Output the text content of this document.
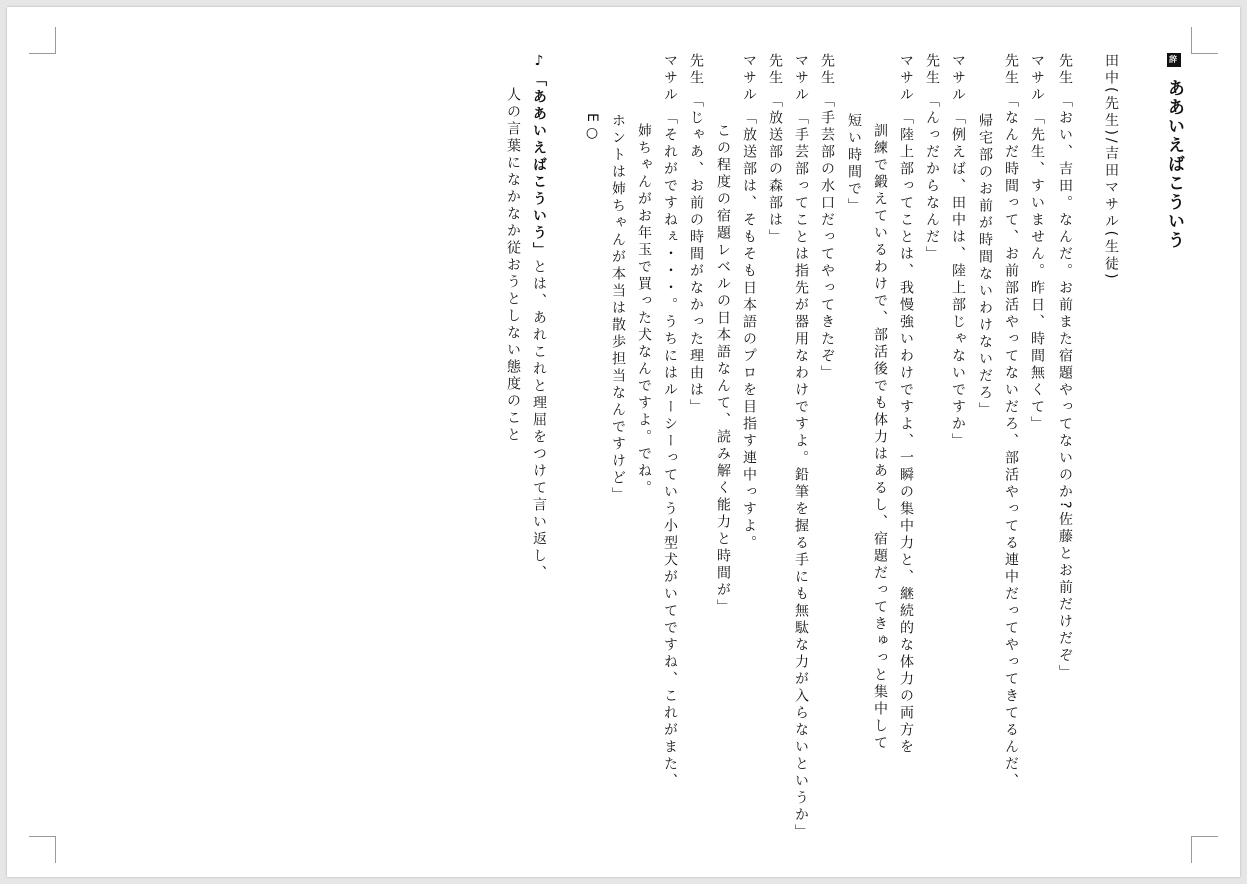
辞 ああいえばこういう
田中(先生)/吉田マサル(生徒)
先生「おい、吉田。なんだ。お前また宿題やってないのか?佐藤とお前だけだぞ」
マサル「先生、すいません。昨日、時間無くて」
先生「なんだ時間って、お前部活やってないだろ、部活やってる連中だってやってきてるんだ、
帰宅部のお前が時間ないわけないだろ」
マサル「例えば、田中は、陸上部じゃないですか」
先生「んっだからなんだ」
マサル「陸上部ってことは、我慢強いわけですよ、一瞬の集中力と、継続的な体力の両方を
訓練で鍛えているわけで、部活後でも体力はあるし、宿題だってきゅっと集中して
短い時間で」
先生「手芸部の水口だってやってきたぞ」
マサル「手芸部ってことは指先が器用なわけですよ。鉛筆を握る手にも無駄な力が入らないというか」
先生「放送部の森部は」
マサル「放送部は、そもそも日本語のプロを目指す連中っすよ。
この程度の宿題レベルの日本語なんて、読み解く能力と時間が」
先生「じゃあ、お前の時間がなかった理由は」
マサル「それがですねぇ・・・。うちにはルーシーっていう小型犬がいてですね、これがまた、
姉ちゃんがお年玉で買った犬なんですよ。でね。
ホントは姉ちゃんが本当は散歩担当なんですけど」
E○
♪「ああいえばこういう」とは、あれこれと理屈をつけて言い返し、
人の言葉になかなか従おうとしない態度のこと
